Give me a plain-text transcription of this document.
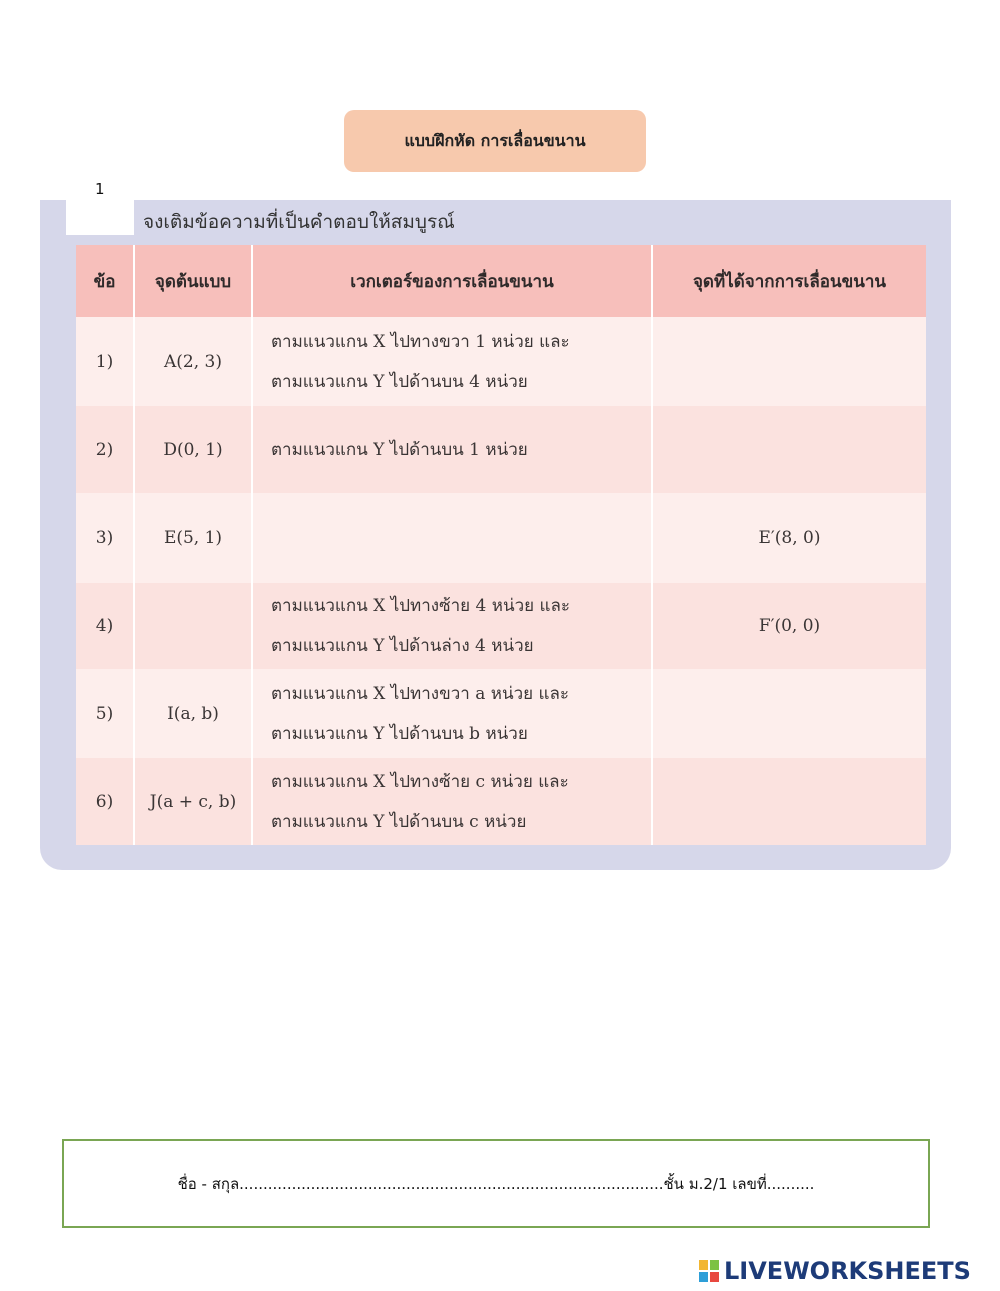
แบบฝึกหัด การเลื่อนขนาน
1
จงเติมข้อความที่เป็นคำตอบให้สมบูรณ์
ข้อ	จุดต้นแบบ	เวกเตอร์ของการเลื่อนขนาน	จุดที่ได้จากการเลื่อนขนาน
1)	A(2, 3)	ตามแนวแกน X ไปทางขวา 1 หน่วย และ
ตามแนวแกน Y ไปด้านบน 4 หน่วย	

2)	D(0, 1)	ตามแนวแกน Y ไปด้านบน 1 หน่วย	

3)	E(5, 1)		E′(8, 0)
4)		ตามแนวแกน X ไปทางซ้าย 4 หน่วย และ
ตามแนวแกน Y ไปด้านล่าง 4 หน่วย	F′(0, 0)
5)	I(a, b)	ตามแนวแกน X ไปทางขวา a หน่วย และ
ตามแนวแกน Y ไปด้านบน b หน่วย	

6)	J(a + c, b)	ตามแนวแกน X ไปทางซ้าย c หน่วย และ
ตามแนวแกน Y ไปด้านบน c หน่วย	

ชื่อ - สกุล.........................................................................................ชั้น ม.2/1 เลขที่..........
LIVEWORKSHEETS
